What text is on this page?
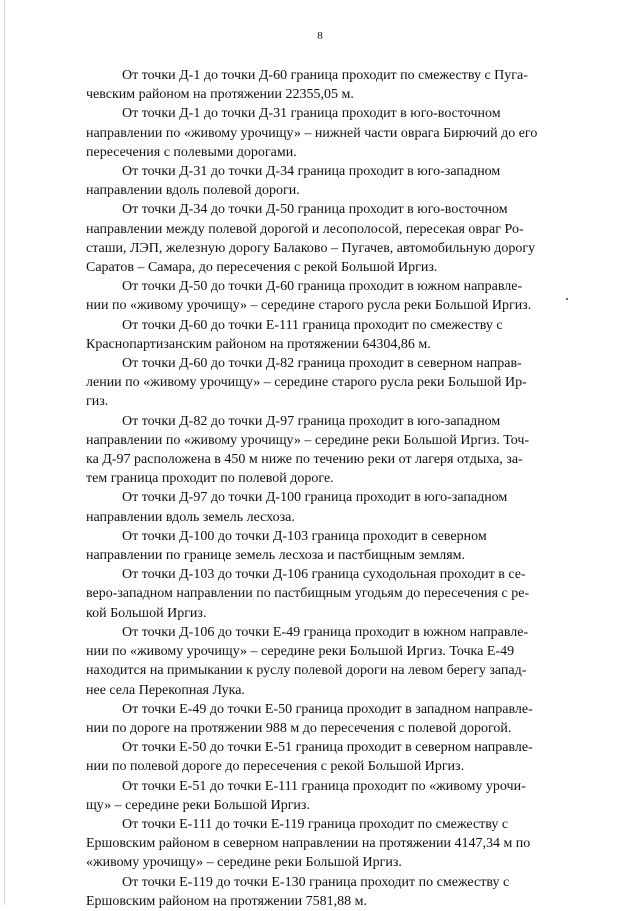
8

От точки Д-1 до точки Д-60 граница проходит по смежеству с Пуга-
чевским районом на протяжении 22355,05 м.

От точки Д-1 до точки Д-31 граница проходит в юго-восточном
направлении по «живому урочищу» – нижней части оврага Бирючий до его
пересечения с полевыми дорогами.

От точки Д-31 до точки Д-34 граница проходит в юго-западном
направлении вдоль полевой дороги.

От точки Д-34 до точки Д-50 граница проходит в юго-восточном
направлении между полевой дорогой и лесополосой, пересекая овраг Ро-
сташи, ЛЭП, железную дорогу Балаково – Пугачев, автомобильную дорогу
Саратов – Самара, до пересечения с рекой Большой Иргиз.

От точки Д-50 до точки Д-60 граница проходит в южном направле-
нии по «живому урочищу» – середине старого русла реки Большой Иргиз.

От точки Д-60 до точки Е-111 граница проходит по смежеству с
Краснопартизанским районом на протяжении 64304,86 м.

От точки Д-60 до точки Д-82 граница проходит в северном направ-
лении по «живому урочищу» – середине старого русла реки Большой Ир-
гиз.

От точки Д-82 до точки Д-97 граница проходит в юго-западном
направлении по «живому урочищу» – середине реки Большой Иргиз. Точ-
ка Д-97 расположена в 450 м ниже по течению реки от лагеря отдыха, за-
тем граница проходит по полевой дороге.

От точки Д-97 до точки Д-100 граница проходит в юго-западном
направлении вдоль земель лесхоза.

От точки Д-100 до точки Д-103 граница проходит в северном
направлении по границе земель лесхоза и пастбищным землям.

От точки Д-103 до точки Д-106 граница суходольная проходит в се-
веро-западном направлении по пастбищным угодьям до пересечения с ре-
кой Большой Иргиз.

От точки Д-106 до точки Е-49 граница проходит в южном направле-
нии по «живому урочищу» – середине реки Большой Иргиз. Точка Е-49
находится на примыкании к руслу полевой дороги на левом берегу запад-
нее села Перекопная Лука.

От точки Е-49 до точки Е-50 граница проходит в западном направле-
нии по дороге на протяжении 988 м до пересечения с полевой дорогой.

От точки Е-50 до точки Е-51 граница проходит в северном направле-
нии по полевой дороге до пересечения с рекой Большой Иргиз.

От точки Е-51 до точки Е-111 граница проходит по «живому урочи-
щу» – середине реки Большой Иргиз.

От точки Е-111 до точки Е-119 граница проходит по смежеству с
Ершовским районом в северном направлении на протяжении 4147,34 м по
«живому урочищу» – середине реки Большой Иргиз.

От точки Е-119 до точки Е-130 граница проходит по смежеству с
Ершовским районом на протяжении 7581,88 м.
